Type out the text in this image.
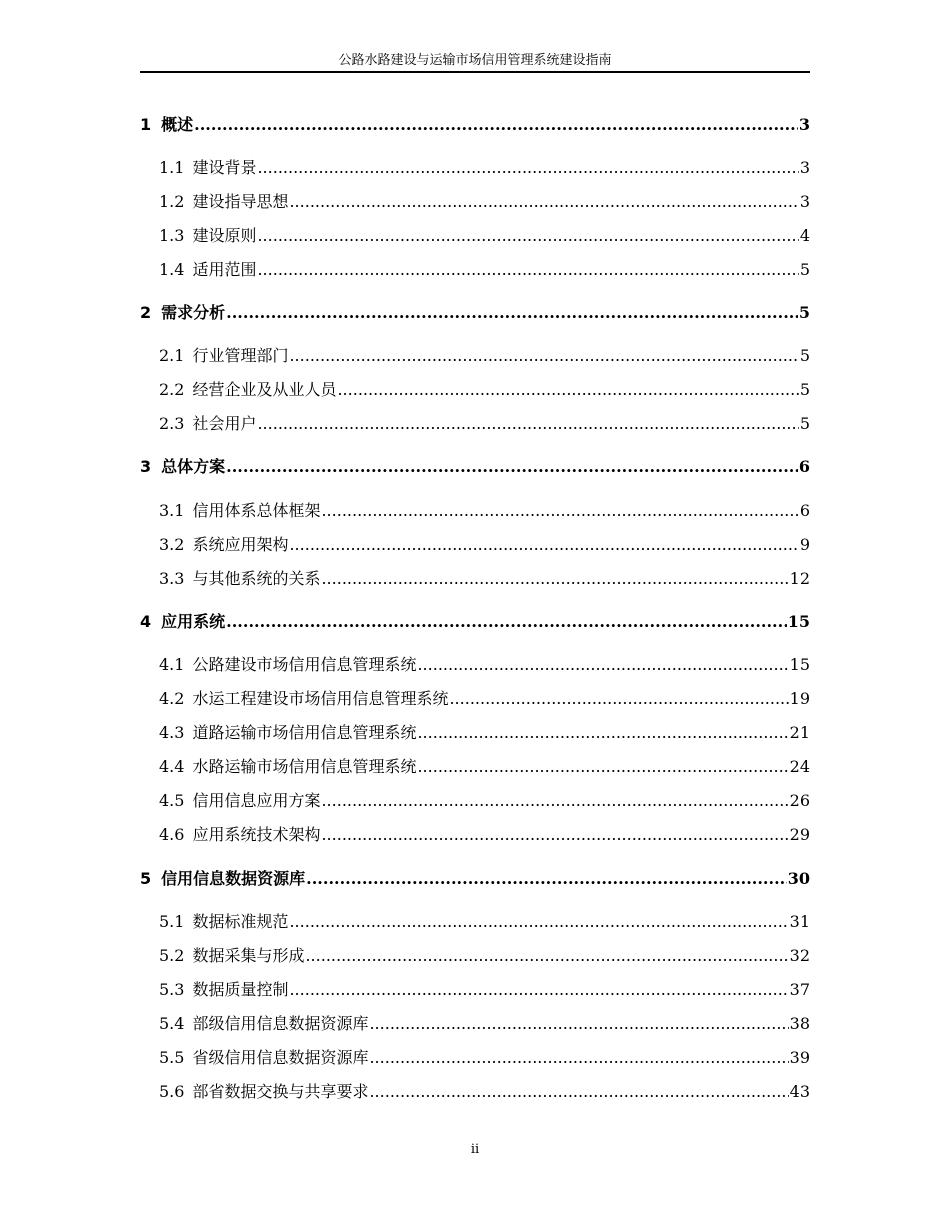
公路水路建设与运输市场信用管理系统建设指南
1 概述 .....	3
1.1 建设背景 .....	3
1.2 建设指导思想 .....	3
1.3 建设原则 .....	4
1.4 适用范围 .....	5
2 需求分析 .....	5
2.1 行业管理部门 .....	5
2.2 经营企业及从业人员 .....	5
2.3 社会用户 .....	5
3 总体方案 .....	6
3.1 信用体系总体框架 .....	6
3.2 系统应用架构 .....	9
3.3 与其他系统的关系 .....	12
4 应用系统 .....	15
4.1 公路建设市场信用信息管理系统 .....	15
4.2 水运工程建设市场信用信息管理系统 .....	19
4.3 道路运输市场信用信息管理系统 .....	21
4.4 水路运输市场信用信息管理系统 .....	24
4.5 信用信息应用方案 .....	26
4.6 应用系统技术架构 .....	29
5 信用信息数据资源库 .....	30
5.1 数据标准规范 .....	31
5.2 数据采集与形成 .....	32
5.3 数据质量控制 .....	37
5.4 部级信用信息数据资源库 .....	38
5.5 省级信用信息数据资源库 .....	39
5.6 部省数据交换与共享要求 .....	43
ii
